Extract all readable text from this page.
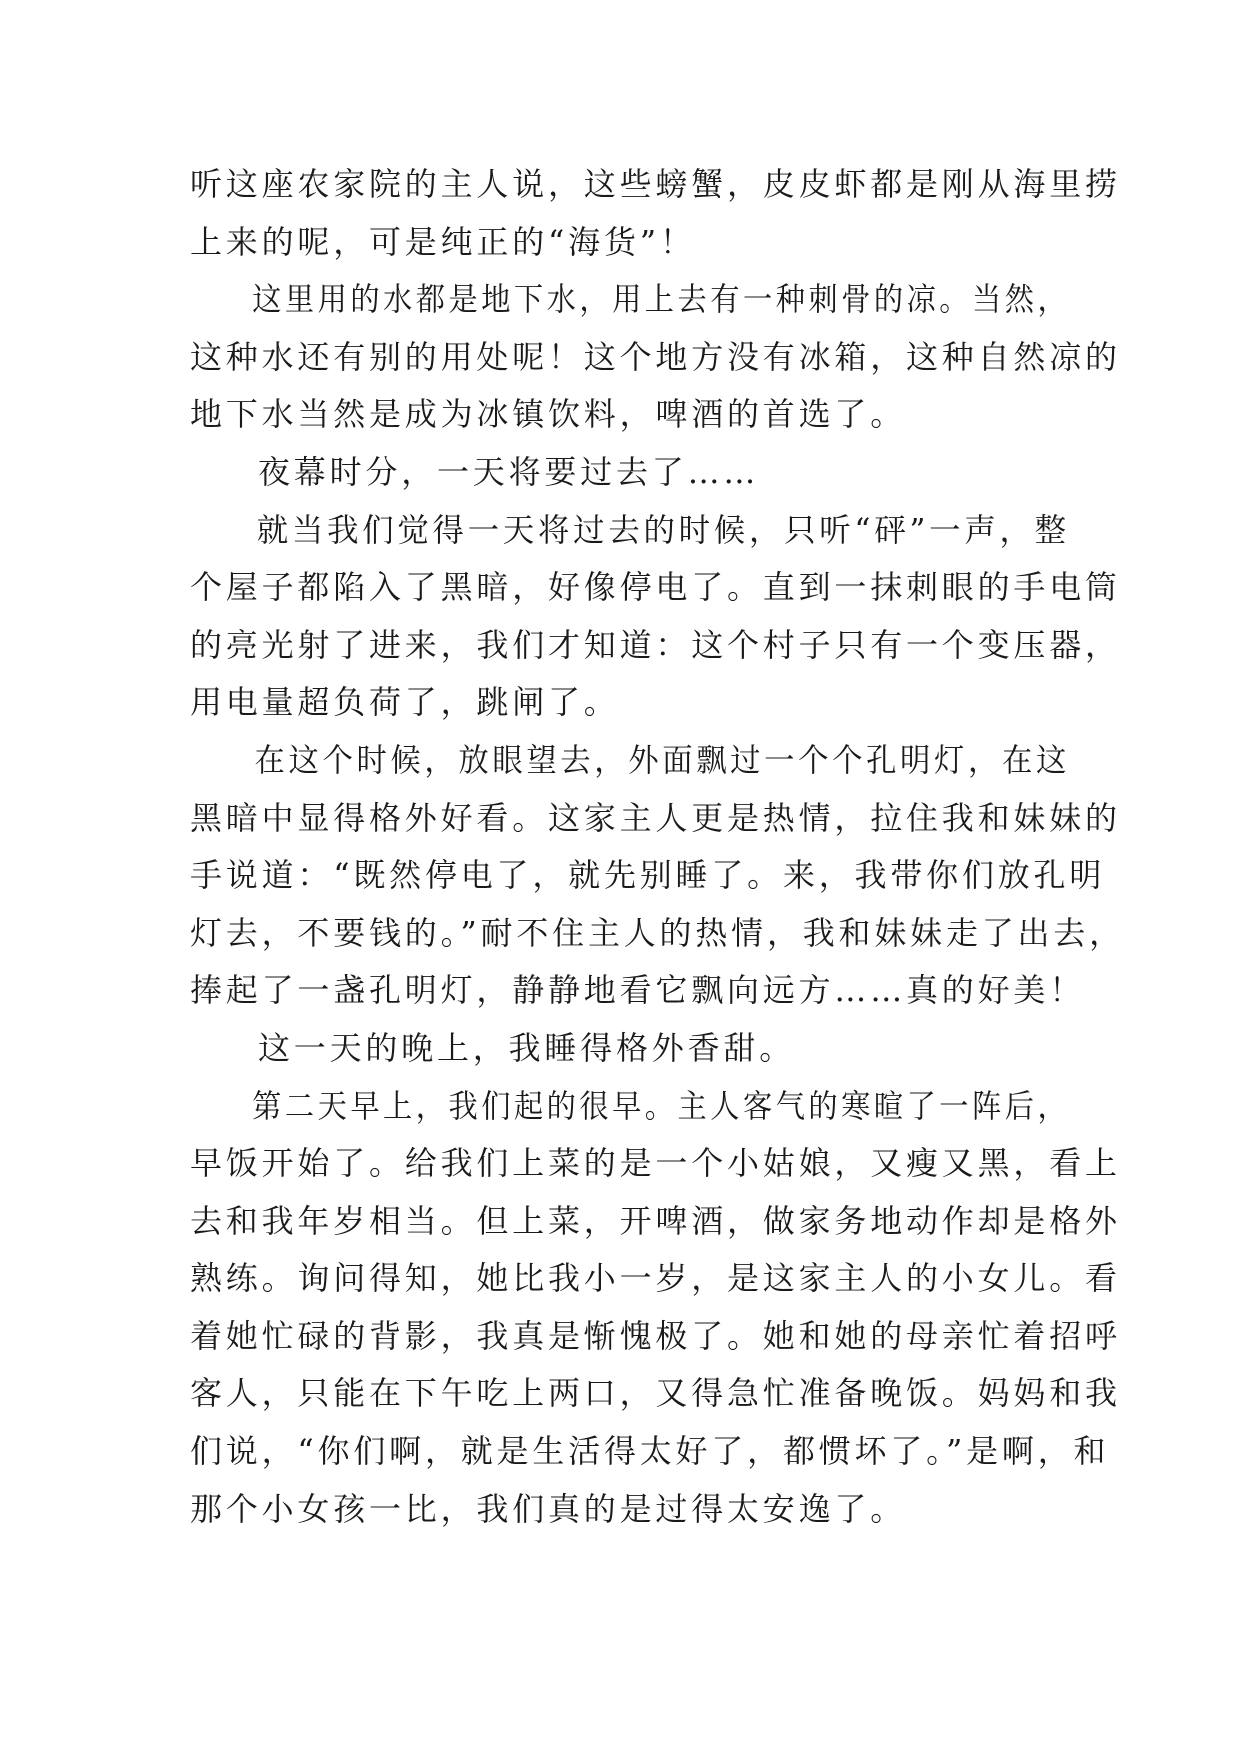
听这座农家院的主人说，这些螃蟹，皮皮虾都是刚从海里捞
上来的呢，可是纯正的“海货”！
这里用的水都是地下水，用上去有一种刺骨的凉。当然，
这种水还有别的用处呢！这个地方没有冰箱，这种自然凉的
地下水当然是成为冰镇饮料，啤酒的首选了。
夜幕时分，一天将要过去了……
就当我们觉得一天将过去的时候，只听“砰”一声，整
个屋子都陷入了黑暗，好像停电了。直到一抹刺眼的手电筒
的亮光射了进来，我们才知道：这个村子只有一个变压器，
用电量超负荷了，跳闸了。
在这个时候，放眼望去，外面飘过一个个孔明灯，在这
黑暗中显得格外好看。这家主人更是热情，拉住我和妹妹的
手说道：“既然停电了，就先别睡了。来，我带你们放孔明
灯去，不要钱的。”耐不住主人的热情，我和妹妹走了出去，
捧起了一盏孔明灯，静静地看它飘向远方……真的好美！
这一天的晚上，我睡得格外香甜。
第二天早上，我们起的很早。主人客气的寒暄了一阵后，
早饭开始了。给我们上菜的是一个小姑娘，又瘦又黑，看上
去和我年岁相当。但上菜，开啤酒，做家务地动作却是格外
熟练。询问得知，她比我小一岁，是这家主人的小女儿。看
着她忙碌的背影，我真是惭愧极了。她和她的母亲忙着招呼
客人，只能在下午吃上两口，又得急忙准备晚饭。妈妈和我
们说，“你们啊，就是生活得太好了，都惯坏了。”是啊，和
那个小女孩一比，我们真的是过得太安逸了。
